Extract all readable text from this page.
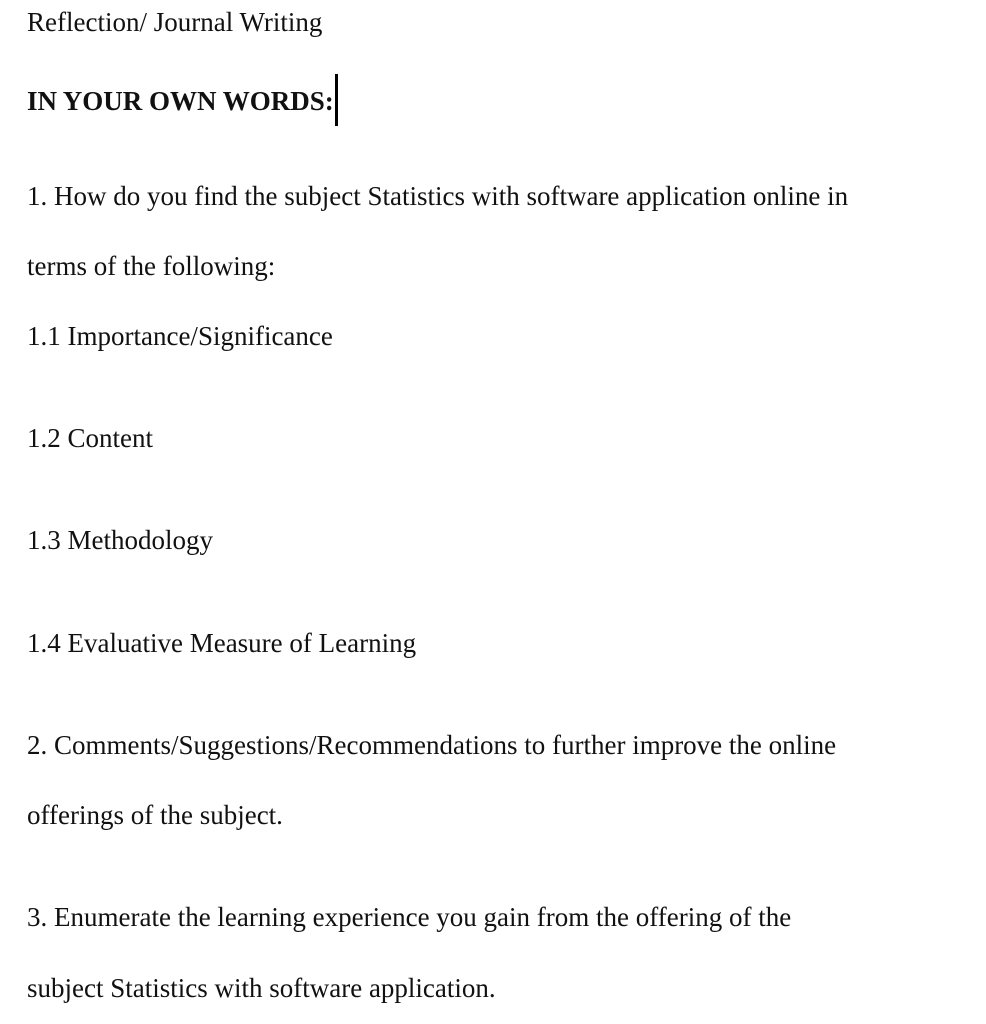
Reflection/ Journal Writing
IN YOUR OWN WORDS:
1. How do you find the subject Statistics with software application online in
terms of the following:
1.1 Importance/Significance
1.2 Content
1.3 Methodology
1.4 Evaluative Measure of Learning
2. Comments/Suggestions/Recommendations to further improve the online
offerings of the subject.
3. Enumerate the learning experience you gain from the offering of the
subject Statistics with software application.
